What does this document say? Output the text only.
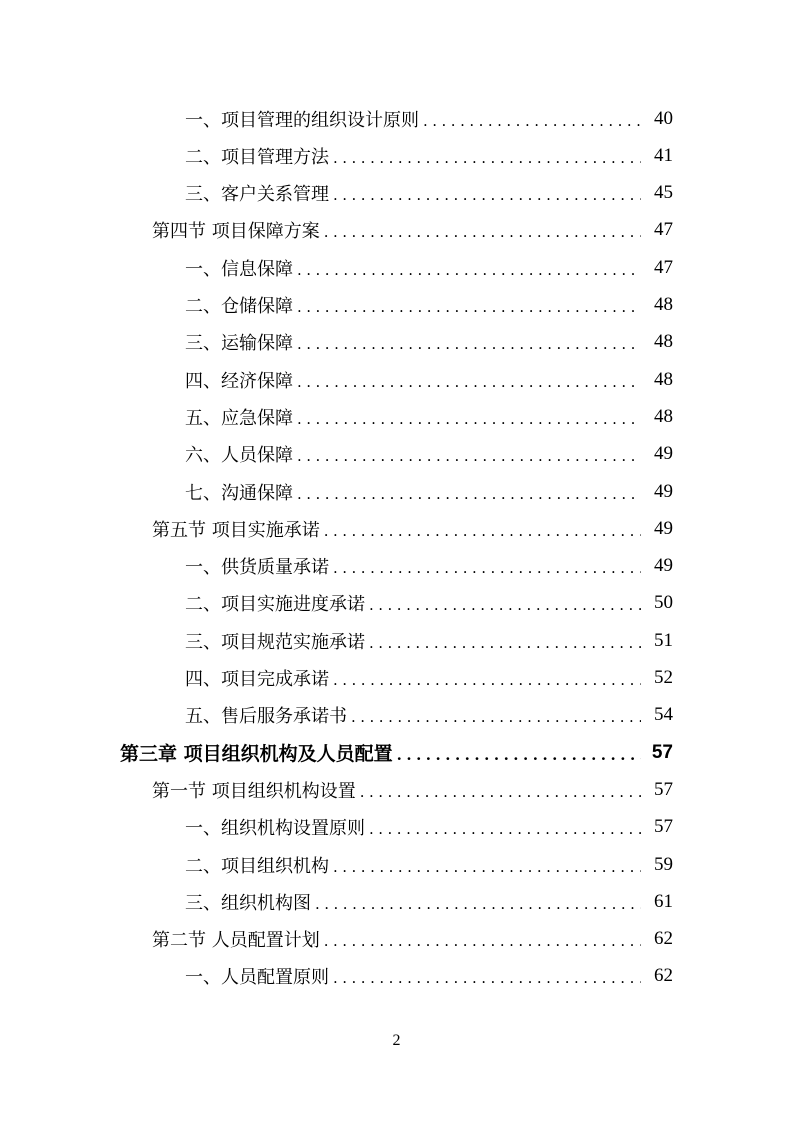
一、项目管理的组织设计原则 .....	40
二、项目管理方法 .....	41
三、客户关系管理 .....	45
第四节 项目保障方案 .....	47
一、信息保障 .....	47
二、仓储保障 .....	48
三、运输保障 .....	48
四、经济保障 .....	48
五、应急保障 .....	48
六、人员保障 .....	49
七、沟通保障 .....	49
第五节 项目实施承诺 .....	49
一、供货质量承诺 .....	49
二、项目实施进度承诺 .....	50
三、项目规范实施承诺 .....	51
四、项目完成承诺 .....	52
五、售后服务承诺书 .....	54
第三章 项目组织机构及人员配置 .....	57
第一节 项目组织机构设置 .....	57
一、组织机构设置原则 .....	57
二、项目组织机构 .....	59
三、组织机构图 .....	61
第二节 人员配置计划 .....	62
一、人员配置原则 .....	62
2
